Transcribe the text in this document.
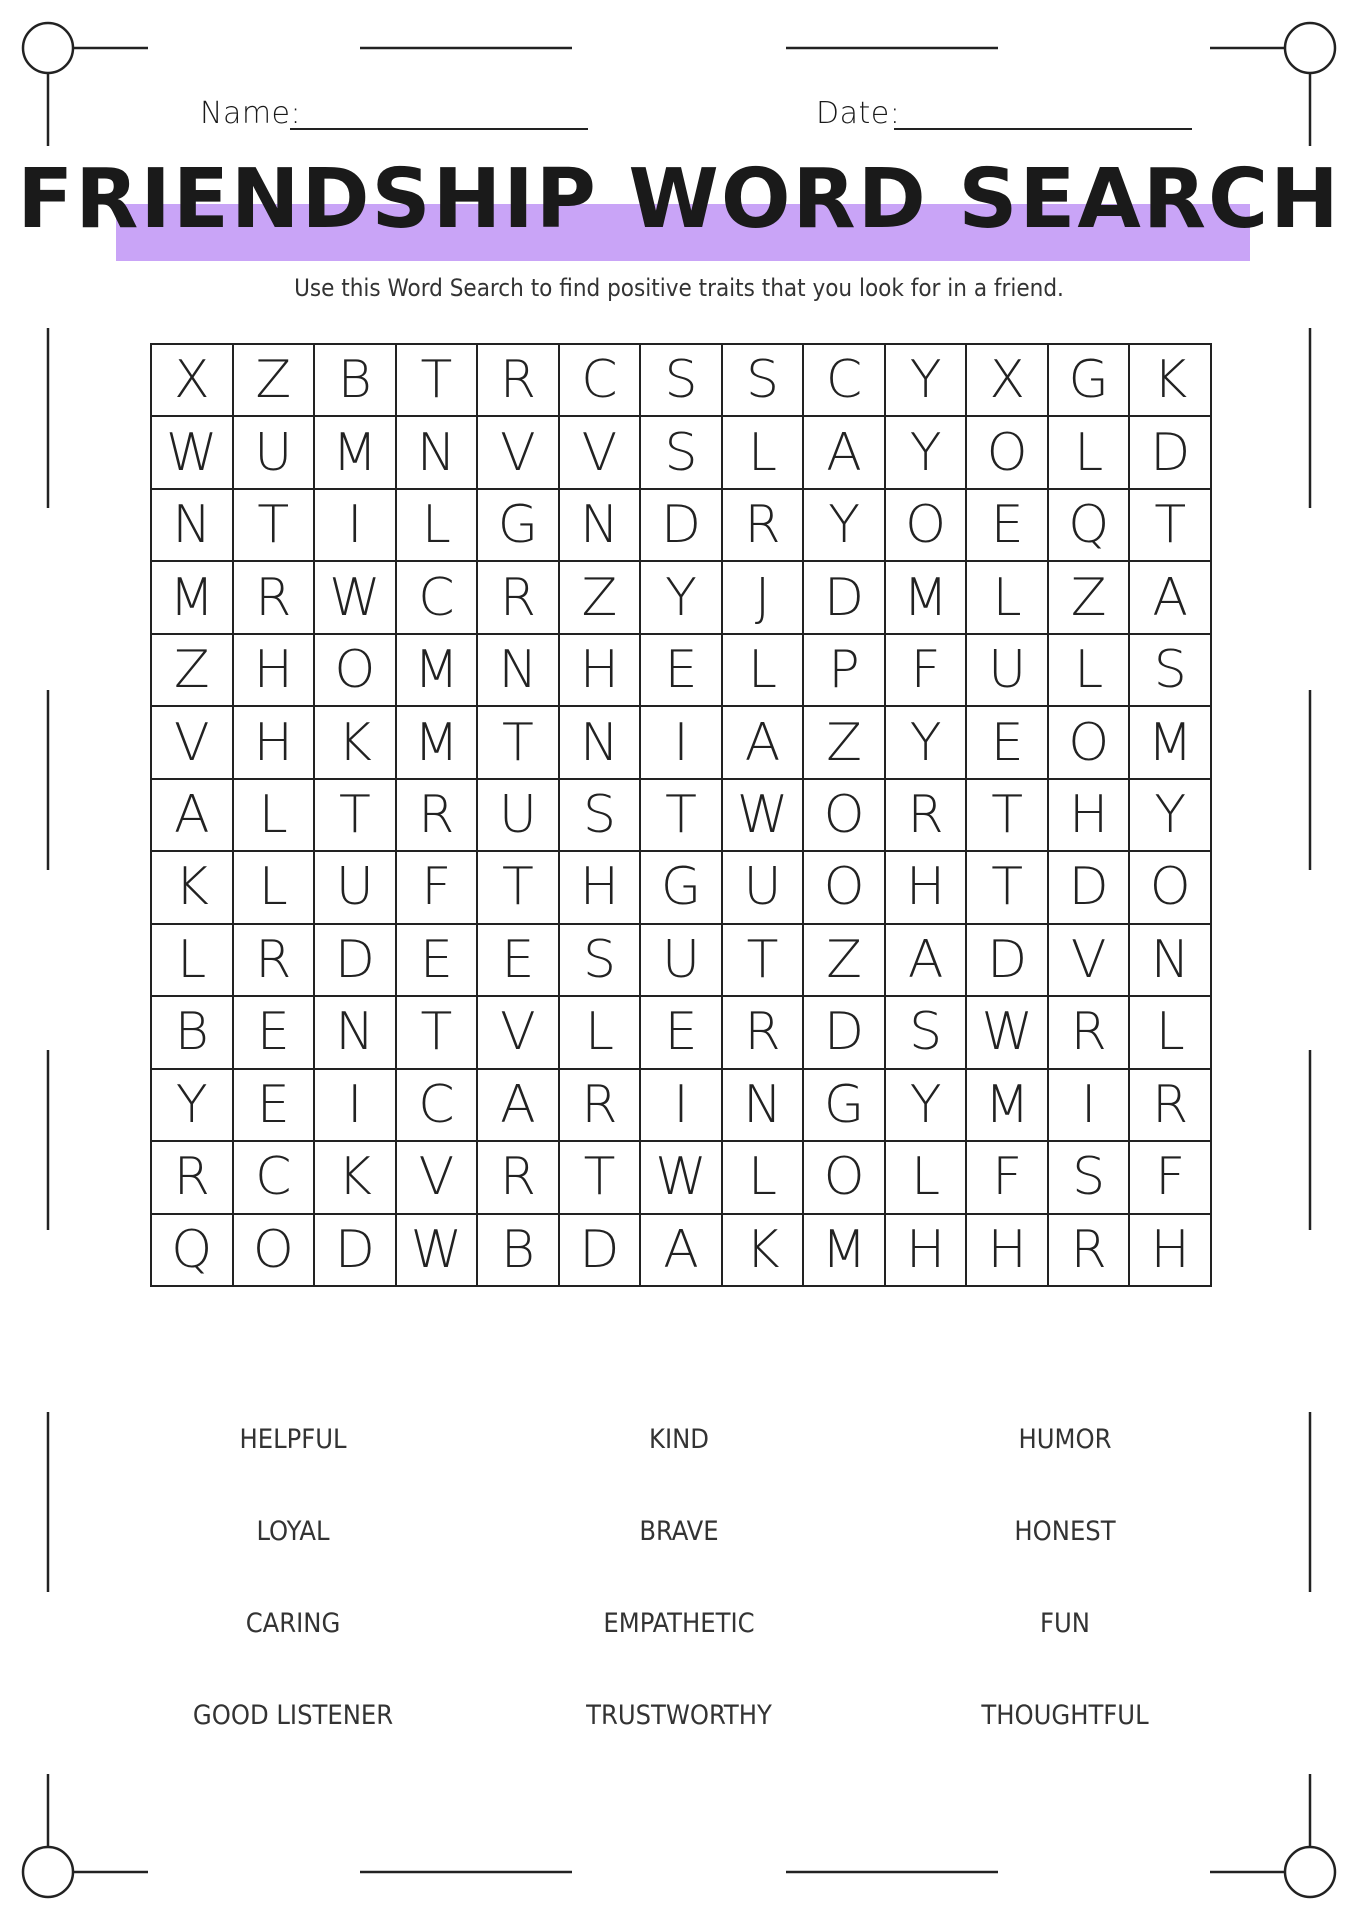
Name:	Date:
FRIENDSHIP WORD SEARCH
Use this Word Search to find positive traits that you look for in a friend.
X Z B T R C S S C Y X G K
W U M N V V S L A Y O L D
N T	I	L G N D R Y O E Q T
M R W C R Z Y	J	D M L Z A
Z H O M N H E L P F U L S
V H K M T N	I	A Z Y E O M
A L T R U S T W O R T H Y
K L U F T H G U O H T D O
L R D E E S U T Z A D V N
B E N T V L E R D S W R L
Y E	I	C A R	I	N G Y M I	R
R C K V R T W L O L	F S F
Q O D W B D A K M H H R H
HELPFUL	KIND	HUMOR
LOYAL	BRAVE	HONEST
CARING	EMPATHETIC	FUN
GOOD LISTENER	TRUSTWORTHY	THOUGHTFUL
